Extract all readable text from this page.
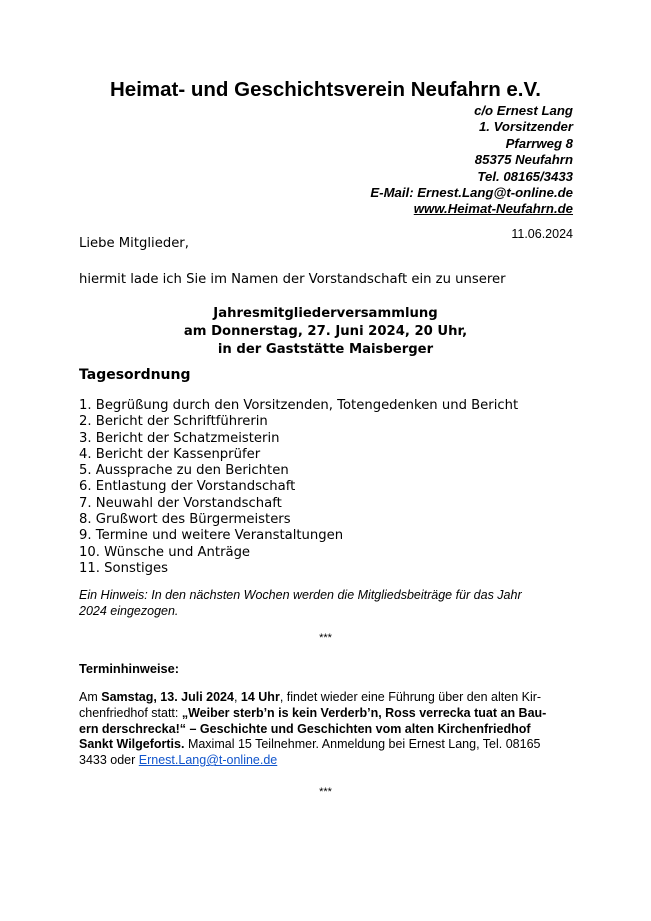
Heimat- und Geschichtsverein Neufahrn e.V.
c/o Ernest Lang
1. Vorsitzender
Pfarrweg 8
85375 Neufahrn
Tel. 08165/3433
E-Mail: Ernest.Lang@t-online.de
www.Heimat-Neufahrn.de
11.06.2024
Liebe Mitglieder,
hiermit lade ich Sie im Namen der Vorstandschaft ein zu unserer
Jahresmitgliederversammlung
am Donnerstag, 27. Juni 2024, 20 Uhr,
in der Gaststätte Maisberger
Tagesordnung
1. Begrüßung durch den Vorsitzenden, Totengedenken und Bericht
2. Bericht der Schriftführerin
3. Bericht der Schatzmeisterin
4. Bericht der Kassenprüfer
5. Aussprache zu den Berichten
6. Entlastung der Vorstandschaft
7. Neuwahl der Vorstandschaft
8. Grußwort des Bürgermeisters
9. Termine und weitere Veranstaltungen
10. Wünsche und Anträge
11. Sonstiges
Ein Hinweis: In den nächsten Wochen werden die Mitgliedsbeiträge für das Jahr
2024 eingezogen.
***
Terminhinweise:
Am Samstag, 13. Juli 2024, 14 Uhr, findet wieder eine Führung über den alten Kir-
chenfriedhof statt: „Weiber sterb’n is kein Verderb’n, Ross verrecka tuat an Bau-
ern derschrecka!“ – Geschichte und Geschichten vom alten Kirchenfriedhof
Sankt Wilgefortis. Maximal 15 Teilnehmer. Anmeldung bei Ernest Lang, Tel. 08165
3433 oder Ernest.Lang@t-online.de
***
